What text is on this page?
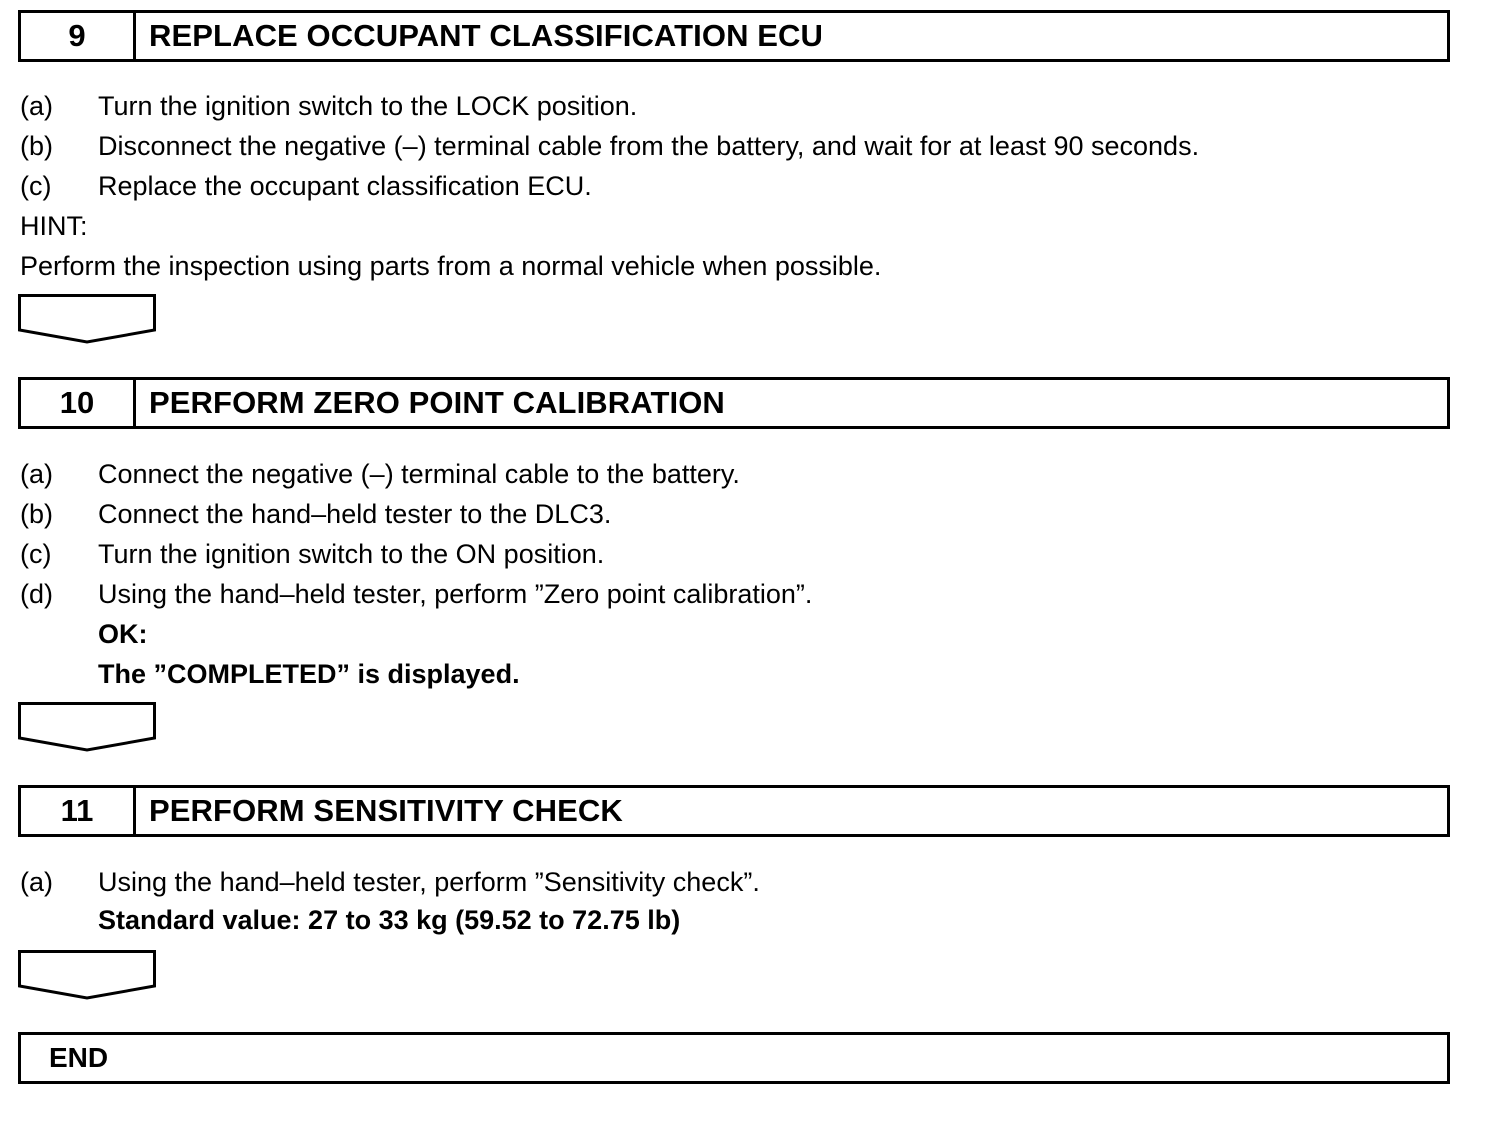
9	REPLACE OCCUPANT CLASSIFICATION ECU
(a) Turn the ignition switch to the LOCK position.
(b) Disconnect the negative (–) terminal cable from the battery, and wait for at least 90 seconds.
(c) Replace the occupant classification ECU.
HINT:
Perform the inspection using parts from a normal vehicle when possible.
10	PERFORM ZERO POINT CALIBRATION
(a) Connect the negative (–) terminal cable to the battery.
(b) Connect the hand–held tester to the DLC3.
(c) Turn the ignition switch to the ON position.
(d) Using the hand–held tester, perform ”Zero point calibration”.
OK:
The ”COMPLETED” is displayed.
11	PERFORM SENSITIVITY CHECK
(a) Using the hand–held tester, perform ”Sensitivity check”.
Standard value: 27 to 33 kg (59.52 to 72.75 lb)
END
